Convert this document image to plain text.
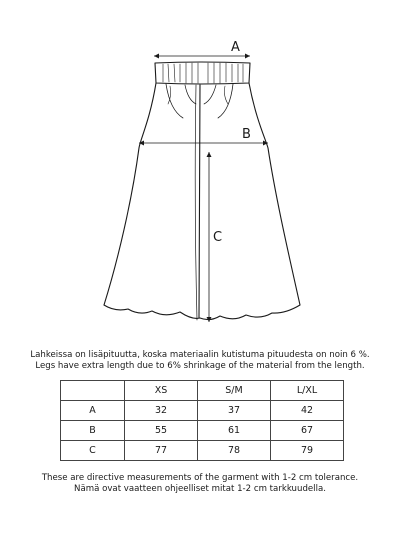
A
B
C
Lahkeissa on lisäpituutta, koska materiaalin kutistuma pituudesta on noin 6 %.
Legs have extra length due to 6% shrinkage of the material from the length.
	XS	S/M	L/XL
A	32	37	42
B	55	61	67
C	77	78	79
These are directive measurements of the garment with 1-2 cm tolerance.
Nämä ovat vaatteen ohjeelliset mitat 1-2 cm tarkkuudella.
